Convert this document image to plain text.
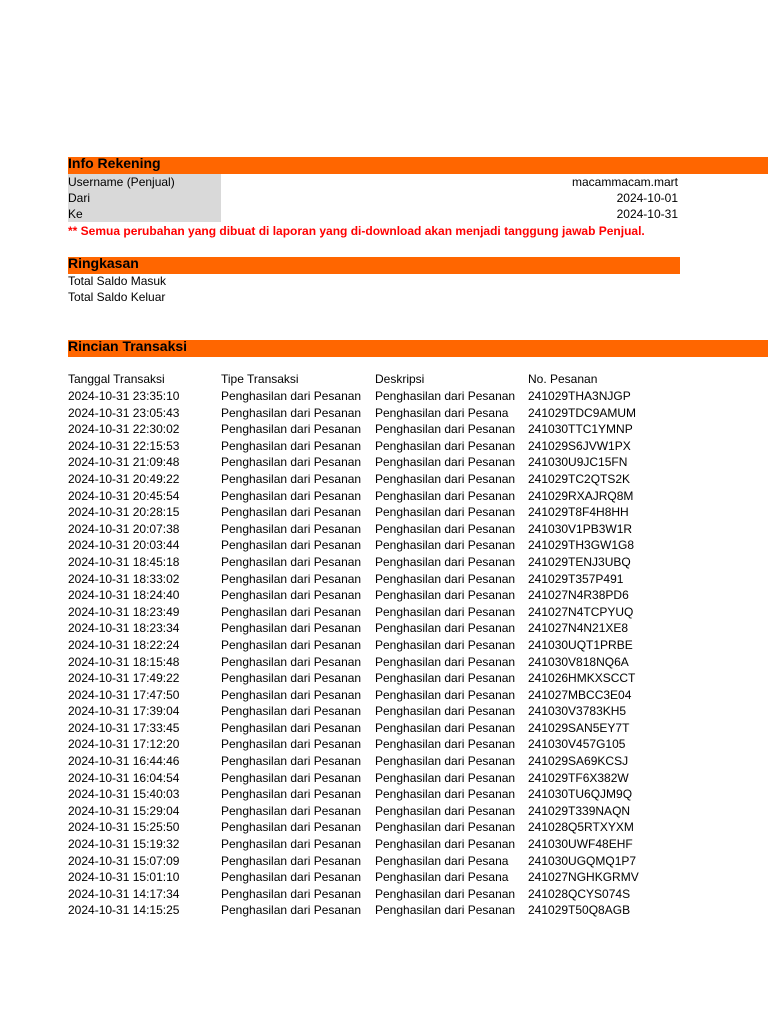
Info Rekening
Username (Penjual)	macammacam.mart
Dari	2024-10-01
Ke	2024-10-31
** Semua perubahan yang dibuat di laporan yang di-download akan menjadi tanggung jawab Penjual.
Ringkasan
Total Saldo Masuk
Total Saldo Keluar
Rincian Transaksi
Tanggal Transaksi	Tipe Transaksi	Deskripsi	No. Pesanan
2024-10-31 23:35:10	Penghasilan dari Pesanan	Penghasilan dari Pesanan	241029THA3NJGP
2024-10-31 23:05:43	Penghasilan dari Pesanan	Penghasilan dari Pesana	241029TDC9AMUM
2024-10-31 22:30:02	Penghasilan dari Pesanan	Penghasilan dari Pesanan	241030TTC1YMNP
2024-10-31 22:15:53	Penghasilan dari Pesanan	Penghasilan dari Pesanan	241029S6JVW1PX
2024-10-31 21:09:48	Penghasilan dari Pesanan	Penghasilan dari Pesanan	241030U9JC15FN
2024-10-31 20:49:22	Penghasilan dari Pesanan	Penghasilan dari Pesanan	241029TC2QTS2K
2024-10-31 20:45:54	Penghasilan dari Pesanan	Penghasilan dari Pesanan	241029RXAJRQ8M
2024-10-31 20:28:15	Penghasilan dari Pesanan	Penghasilan dari Pesanan	241029T8F4H8HH
2024-10-31 20:07:38	Penghasilan dari Pesanan	Penghasilan dari Pesanan	241030V1PB3W1R
2024-10-31 20:03:44	Penghasilan dari Pesanan	Penghasilan dari Pesanan	241029TH3GW1G8
2024-10-31 18:45:18	Penghasilan dari Pesanan	Penghasilan dari Pesanan	241029TENJ3UBQ
2024-10-31 18:33:02	Penghasilan dari Pesanan	Penghasilan dari Pesanan	241029T357P491
2024-10-31 18:24:40	Penghasilan dari Pesanan	Penghasilan dari Pesanan	241027N4R38PD6
2024-10-31 18:23:49	Penghasilan dari Pesanan	Penghasilan dari Pesanan	241027N4TCPYUQ
2024-10-31 18:23:34	Penghasilan dari Pesanan	Penghasilan dari Pesanan	241027N4N21XE8
2024-10-31 18:22:24	Penghasilan dari Pesanan	Penghasilan dari Pesanan	241030UQT1PRBE
2024-10-31 18:15:48	Penghasilan dari Pesanan	Penghasilan dari Pesanan	241030V818NQ6A
2024-10-31 17:49:22	Penghasilan dari Pesanan	Penghasilan dari Pesanan	241026HMKXSCCT
2024-10-31 17:47:50	Penghasilan dari Pesanan	Penghasilan dari Pesanan	241027MBCC3E04
2024-10-31 17:39:04	Penghasilan dari Pesanan	Penghasilan dari Pesanan	241030V3783KH5
2024-10-31 17:33:45	Penghasilan dari Pesanan	Penghasilan dari Pesanan	241029SAN5EY7T
2024-10-31 17:12:20	Penghasilan dari Pesanan	Penghasilan dari Pesanan	241030V457G105
2024-10-31 16:44:46	Penghasilan dari Pesanan	Penghasilan dari Pesanan	241029SA69KCSJ
2024-10-31 16:04:54	Penghasilan dari Pesanan	Penghasilan dari Pesanan	241029TF6X382W
2024-10-31 15:40:03	Penghasilan dari Pesanan	Penghasilan dari Pesanan	241030TU6QJM9Q
2024-10-31 15:29:04	Penghasilan dari Pesanan	Penghasilan dari Pesanan	241029T339NAQN
2024-10-31 15:25:50	Penghasilan dari Pesanan	Penghasilan dari Pesanan	241028Q5RTXYXM
2024-10-31 15:19:32	Penghasilan dari Pesanan	Penghasilan dari Pesanan	241030UWF48EHF
2024-10-31 15:07:09	Penghasilan dari Pesanan	Penghasilan dari Pesana	241030UGQMQ1P7
2024-10-31 15:01:10	Penghasilan dari Pesanan	Penghasilan dari Pesana	241027NGHKGRMV
2024-10-31 14:17:34	Penghasilan dari Pesanan	Penghasilan dari Pesanan	241028QCYS074S
2024-10-31 14:15:25	Penghasilan dari Pesanan	Penghasilan dari Pesanan	241029T50Q8AGB
